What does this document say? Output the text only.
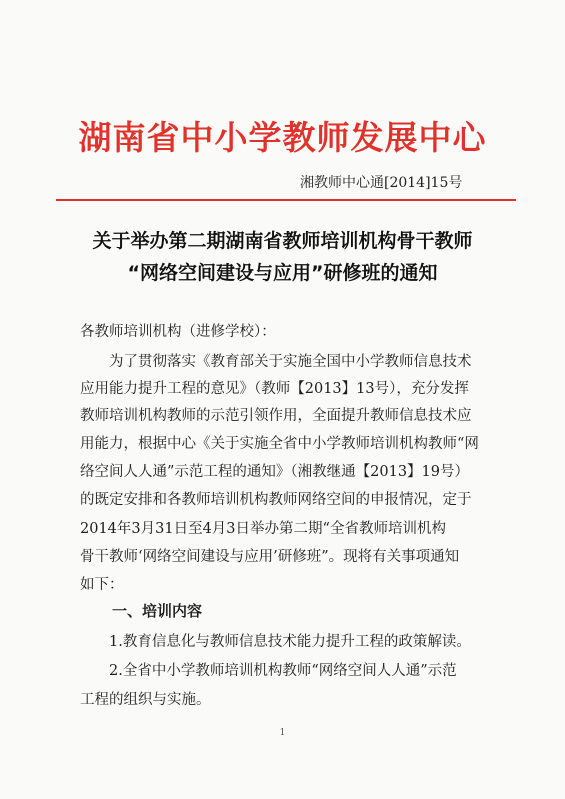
湖南省中小学教师发展中心
湘教师中心通[2014]15号
关于举办第二期湖南省教师培训机构骨干教师
“网络空间建设与应用”研修班的通知
各教师培训机构（进修学校）：
　　为了贯彻落实《教育部关于实施全国中小学教师信息技术
应用能力提升工程的意见》（教师【2013】13号），充分发挥
教师培训机构教师的示范引领作用，全面提升教师信息技术应
用能力，根据中心《关于实施全省中小学教师培训机构教师“网
络空间人人通”示范工程的通知》（湘教继通【2013】19号）
的既定安排和各教师培训机构教师网络空间的申报情况，定于
2014年3月31日至4月3日举办第二期“全省教师培训机构
骨干教师‘网络空间建设与应用’研修班”。现将有关事项通知
如下：
一、培训内容
　　1.教育信息化与教师信息技术能力提升工程的政策解读。
　　2.全省中小学教师培训机构教师“网络空间人人通”示范
工程的组织与实施。
1
